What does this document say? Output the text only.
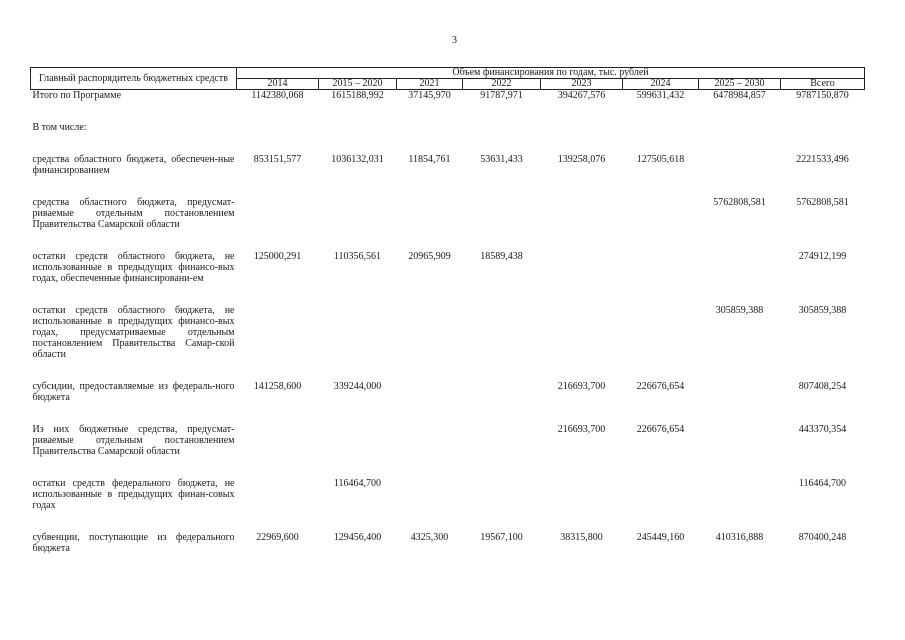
3
Главный распорядитель бюджетных средств	Объем финансирования по годам, тыс. рублей							
	2014	2015 – 2020	2021	2022	2023	2024	2025 – 2030	Всего
Итого по Программе	1142380,068	1615188,992	37145,970	91787,971	394267,576	599631,432	6478984,857	9787150,870

В том числе:								

средства областного бюджета, обеспечен-ные финансированием	853151,577	1036132,031	11854,761	53631,433	139258,076	127505,618		2221533,496

средства областного бюджета, предусмат-риваемые отдельным постановлением Правительства Самарской области							5762808,581	5762808,581

остатки средств областного бюджета, не использованные в предыдущих финансо-вых годах, обеспеченные финансировани-ем	125000,291	110356,561	20965,909	18589,438				274912,199

остатки средств областного бюджета, не использованные в предыдущих финансо-вых годах, предусматриваемые отдельным постановлением Правительства Самар-ской области							305859,388	305859,388

субсидии, предоставляемые из федераль-ного бюджета	141258,600	339244,000			216693,700	226676,654		807408,254

Из них бюджетные средства, предусмат-риваемые отдельным постановлением Правительства Самарской области					216693,700	226676,654		443370,354

остатки средств федерального бюджета, не использованные в предыдущих финан-совых годах		116464,700						116464,700

субвенции, поступающие из федерального бюджета	22969,600	129456,400	4325,300	19567,100	38315,800	245449,160	410316,888	870400,248
